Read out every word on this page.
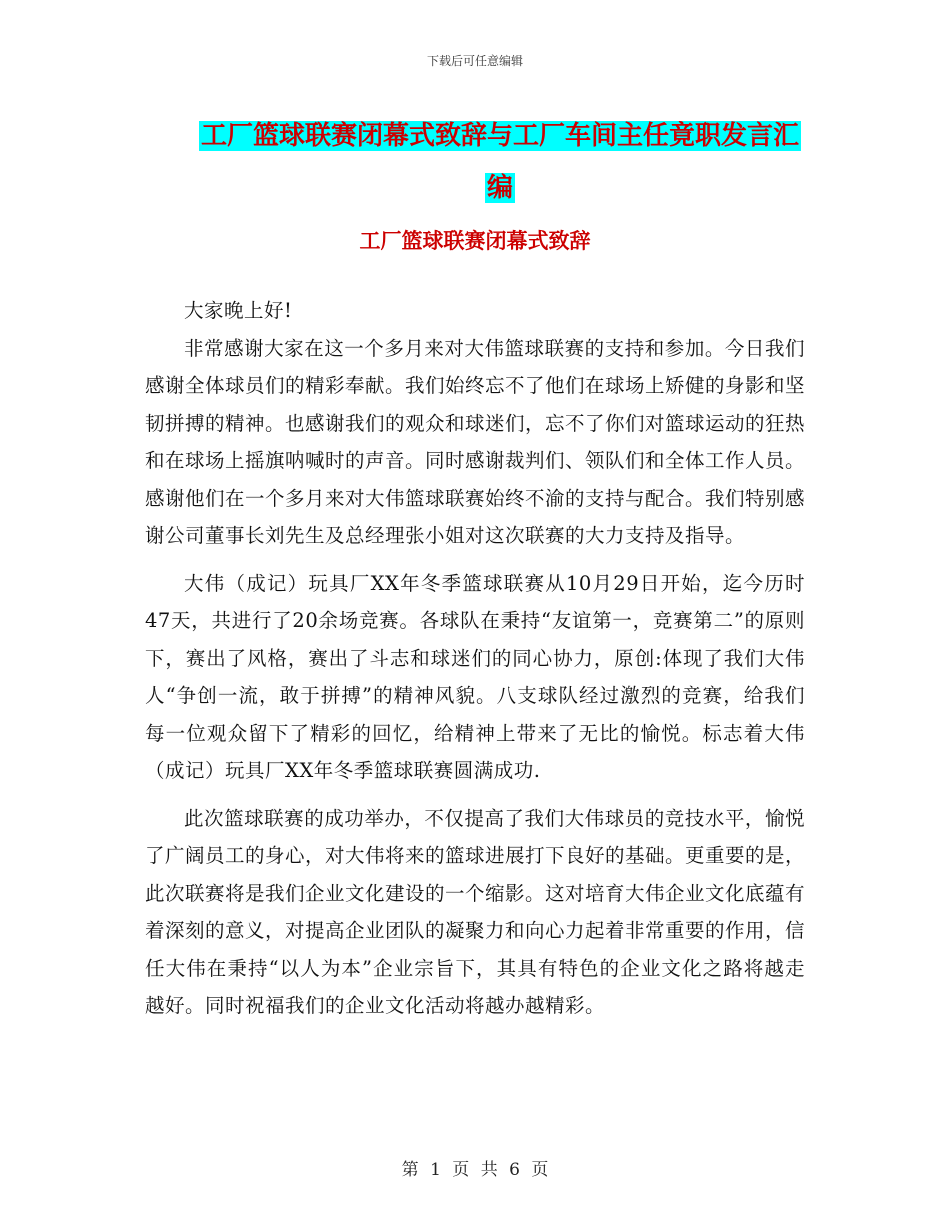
下载后可任意编辑
工厂篮球联赛闭幕式致辞与工厂车间主任竟职发言汇
编
工厂篮球联赛闭幕式致辞

大家晚上好!

非常感谢大家在这一个多月来对大伟篮球联赛的支持和参加。今日我们感谢全体球员们的精彩奉献。我们始终忘不了他们在球场上矫健的身影和坚韧拼搏的精神。也感谢我们的观众和球迷们，忘不了你们对篮球运动的狂热和在球场上摇旗呐喊时的声音。同时感谢裁判们、领队们和全体工作人员。感谢他们在一个多月来对大伟篮球联赛始终不渝的支持与配合。我们特别感谢公司董事长刘先生及总经理张小姐对这次联赛的大力支持及指导。

大伟（成记）玩具厂XX年冬季篮球联赛从10月29日开始，迄今历时47天，共进行了20余场竞赛。各球队在秉持“友谊第一，竞赛第二”的原则下，赛出了风格，赛出了斗志和球迷们的同心协力，原创:体现了我们大伟人“争创一流，敢于拼搏”的精神风貌。八支球队经过激烈的竞赛，给我们每一位观众留下了精彩的回忆，给精神上带来了无比的愉悦。标志着大伟（成记）玩具厂XX年冬季篮球联赛圆满成功.

此次篮球联赛的成功举办，不仅提高了我们大伟球员的竞技水平，愉悦了广阔员工的身心，对大伟将来的篮球进展打下良好的基础。更重要的是，此次联赛将是我们企业文化建设的一个缩影。这对培育大伟企业文化底蕴有着深刻的意义，对提高企业团队的凝聚力和向心力起着非常重要的作用，信任大伟在秉持“以人为本”企业宗旨下，其具有特色的企业文化之路将越走越好。同时祝福我们的企业文化活动将越办越精彩。

第 1 页 共 6 页
